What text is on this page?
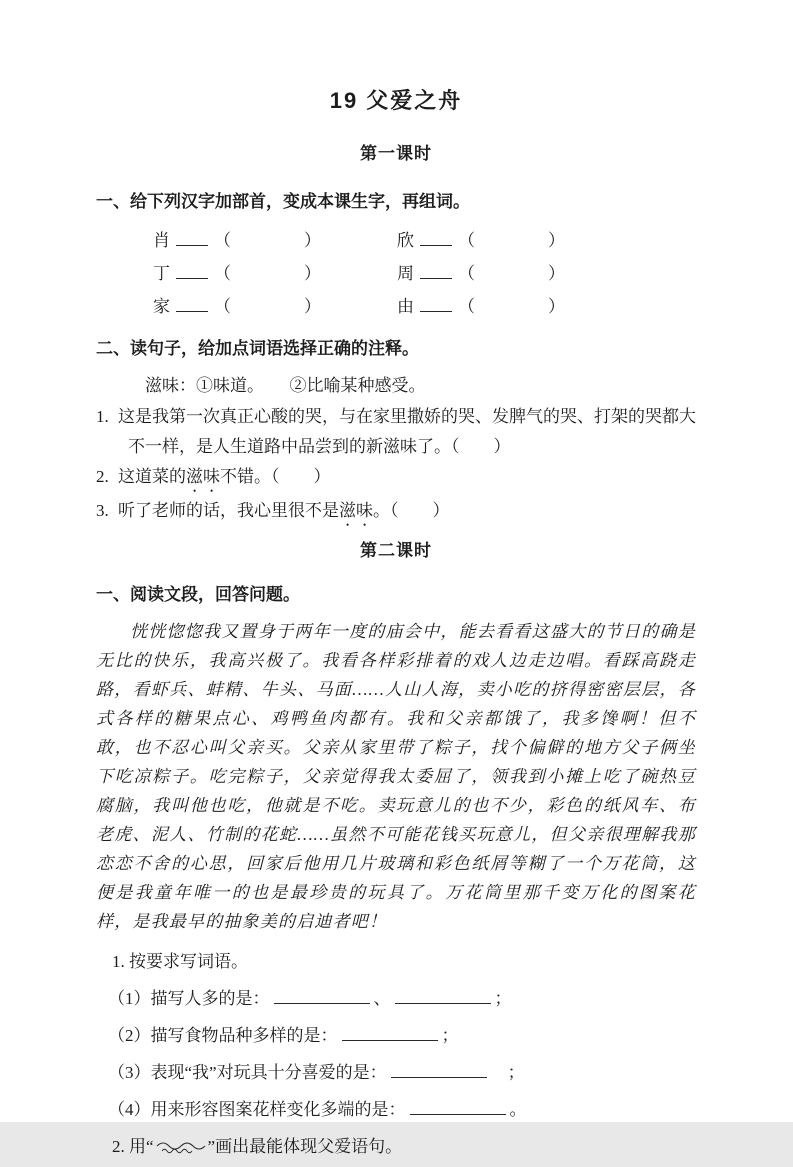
19 父爱之舟
第一课时
一、给下列汉字加部首，变成本课生字，再组词。
肖	（　　　　）	欣	（　　　　）
丁	（　　　　）	周	（　　　　）
家	（　　　　）	由	（　　　　）
二、读句子，给加点词语选择正确的注释。
滋味：①味道。　　②比喻某种感受。
1. 这是我第一次真正心酸的哭，与在家里撒娇的哭、发脾气的哭、打架的哭都大不一样，是人生道路中品尝到的新滋味了。（　　）
2. 这道菜的滋味不错。（　　）
3. 听了老师的话，我心里很不是滋味。（　　）
第二课时
一、阅读文段，回答问题。

恍恍惚惚我又置身于两年一度的庙会中，能去看看这盛大的节日的确是无比的快乐，我高兴极了。我看各样彩排着的戏人边走边唱。看踩高跷走路，看虾兵、蚌精、牛头、马面……人山人海，卖小吃的挤得密密层层，各式各样的糖果点心、鸡鸭鱼肉都有。我和父亲都饿了，我多馋啊！但不敢，也不忍心叫父亲买。父亲从家里带了粽子，找个偏僻的地方父子俩坐下吃凉粽子。吃完粽子，父亲觉得我太委屈了，领我到小摊上吃了碗热豆腐脑，我叫他也吃，他就是不吃。卖玩意儿的也不少，彩色的纸风车、布老虎、泥人、竹制的花蛇……虽然不可能花钱买玩意儿，但父亲很理解我那恋恋不舍的心思，回家后他用几片玻璃和彩色纸屑等糊了一个万花筒，这便是我童年唯一的也是最珍贵的玩具了。万花筒里那千变万化的图案花样，是我最早的抽象美的启迪者吧！

1. 按要求写词语。
（1）描写人多的是：	、	；
（2）描写食物品种多样的是：	；
（3）表现“我”对玩具十分喜爱的是：	　；
（4）用来形容图案花样变化多端的是：	。
2. 用“	”画出最能体现父爱语句。
